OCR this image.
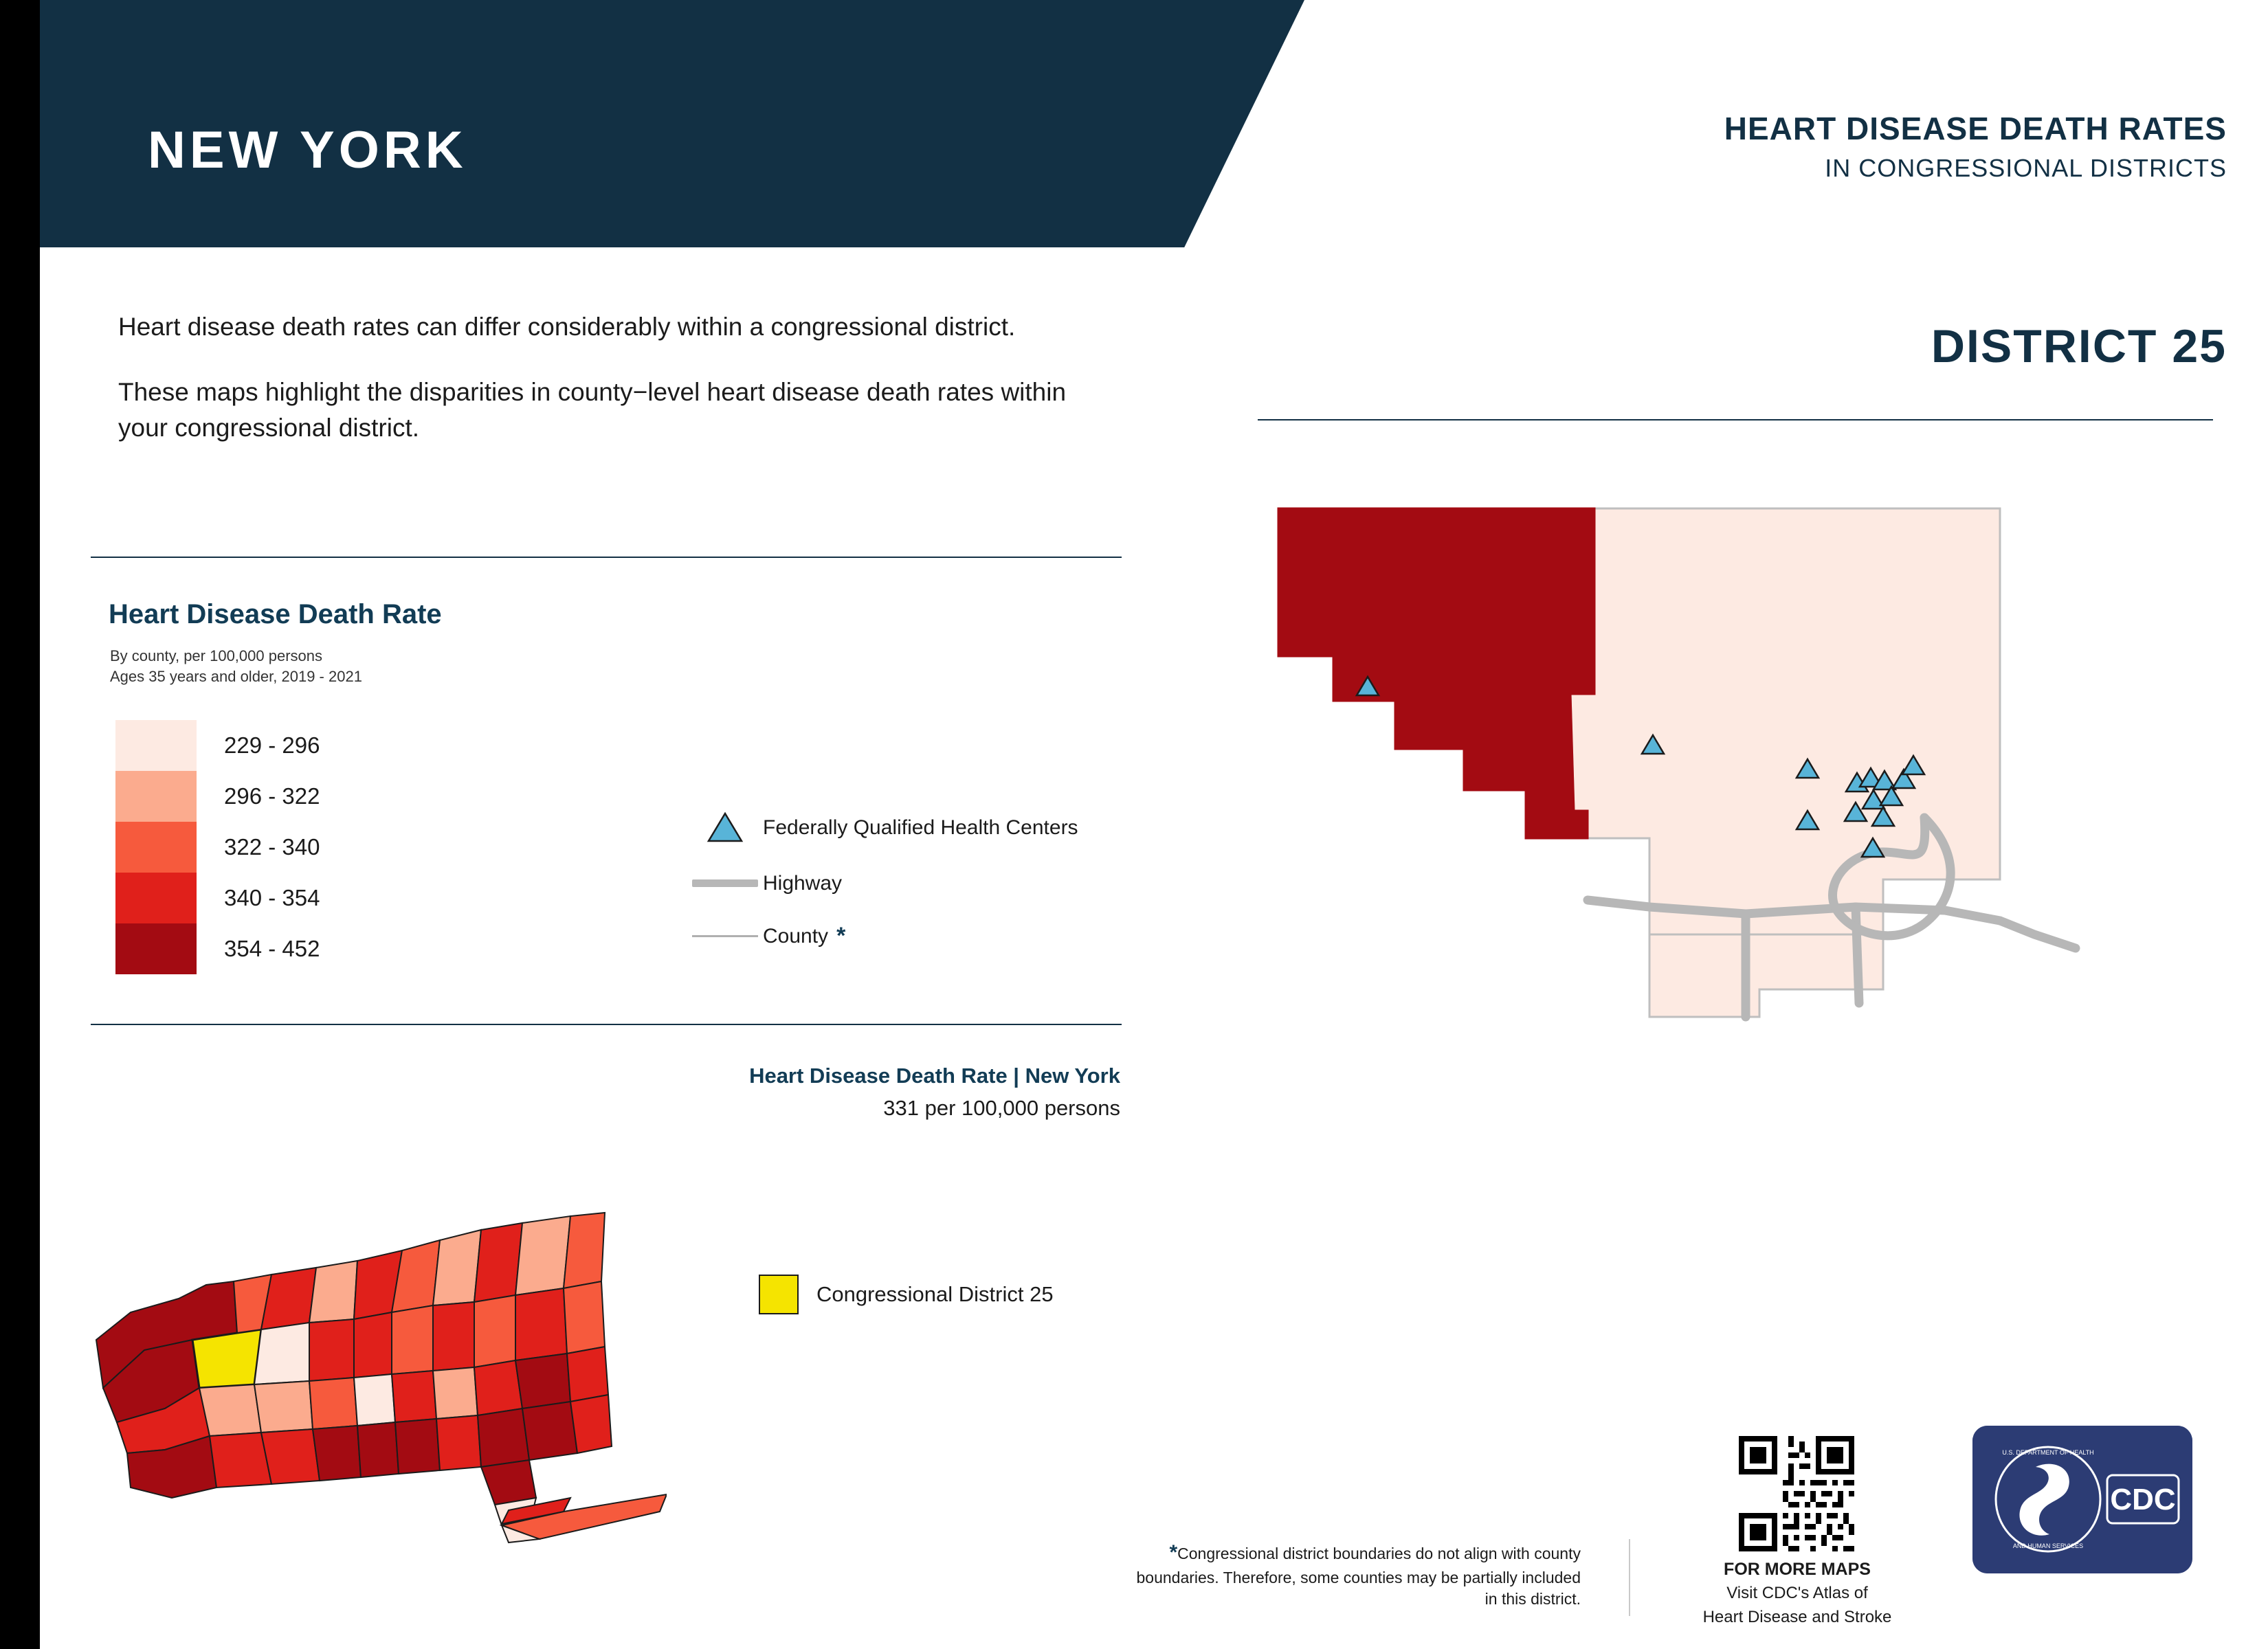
NEW YORK	HEART DISEASE DEATH RATES
IN CONGRESSIONAL DISTRICTS

Heart disease death rates can differ considerably within a congressional district.

These maps highlight the disparities in county−level heart disease death rates within your congressional district.

DISTRICT 25
Heart Disease Death Rate
By county, per 100,000 persons
Ages 35 years and older, 2019 - 2021
229 - 296
296 - 322
322 - 340
340 - 354
354 - 452
Federally Qualified Health Centers
Highway
County *
Heart Disease Death Rate | New York
331 per 100,000 persons
Congressional District 25
*Congressional district boundaries do not align with county boundaries. Therefore, some counties may be partially included in this district.
FOR MORE MAPS
Visit CDC's Atlas of
Heart Disease and Stroke
U.S. DEPARTMENT OF HEALTH
AND HUMAN SERVICES
CDC
